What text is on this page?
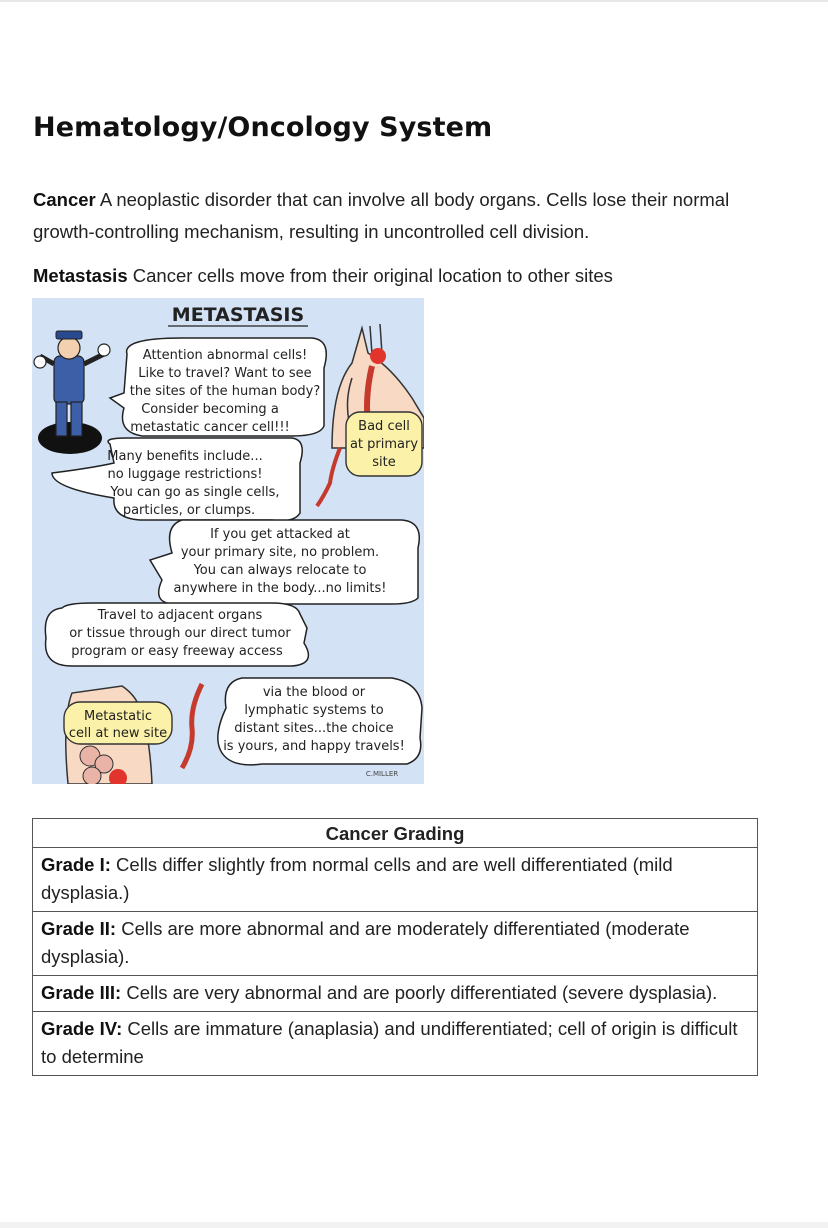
Hematology/Oncology System

Cancer A neoplastic disorder that can involve all body organs. Cells lose their normal growth-controlling mechanism, resulting in uncontrolled cell division.

Metastasis Cancer cells move from their original location to other sites

METASTASIS
Attention abnormal cells!
Like to travel? Want to see
the sites of the human body?
Consider becoming a
metastatic cancer cell!!!	Bad cell
at primary
site
Many benefits include...
no luggage restrictions!
You can go as single cells,
particles, or clumps.
If you get attacked at
your primary site, no problem.
You can always relocate to
anywhere in the body...no limits!
Travel to adjacent organs
or tissue through our direct tumor
program or easy freeway access
Metastatic
cell at new site
via the blood or
lymphatic systems to
distant sites...the choice
is yours, and happy travels!
C.MILLER
Cancer Grading
Grade I: Cells differ slightly from normal cells and are well differentiated (mild dysplasia.)
Grade II: Cells are more abnormal and are moderately differentiated (moderate dysplasia).
Grade III: Cells are very abnormal and are poorly differentiated (severe dysplasia).
Grade IV: Cells are immature (anaplasia) and undifferentiated; cell of origin is difficult to determine
